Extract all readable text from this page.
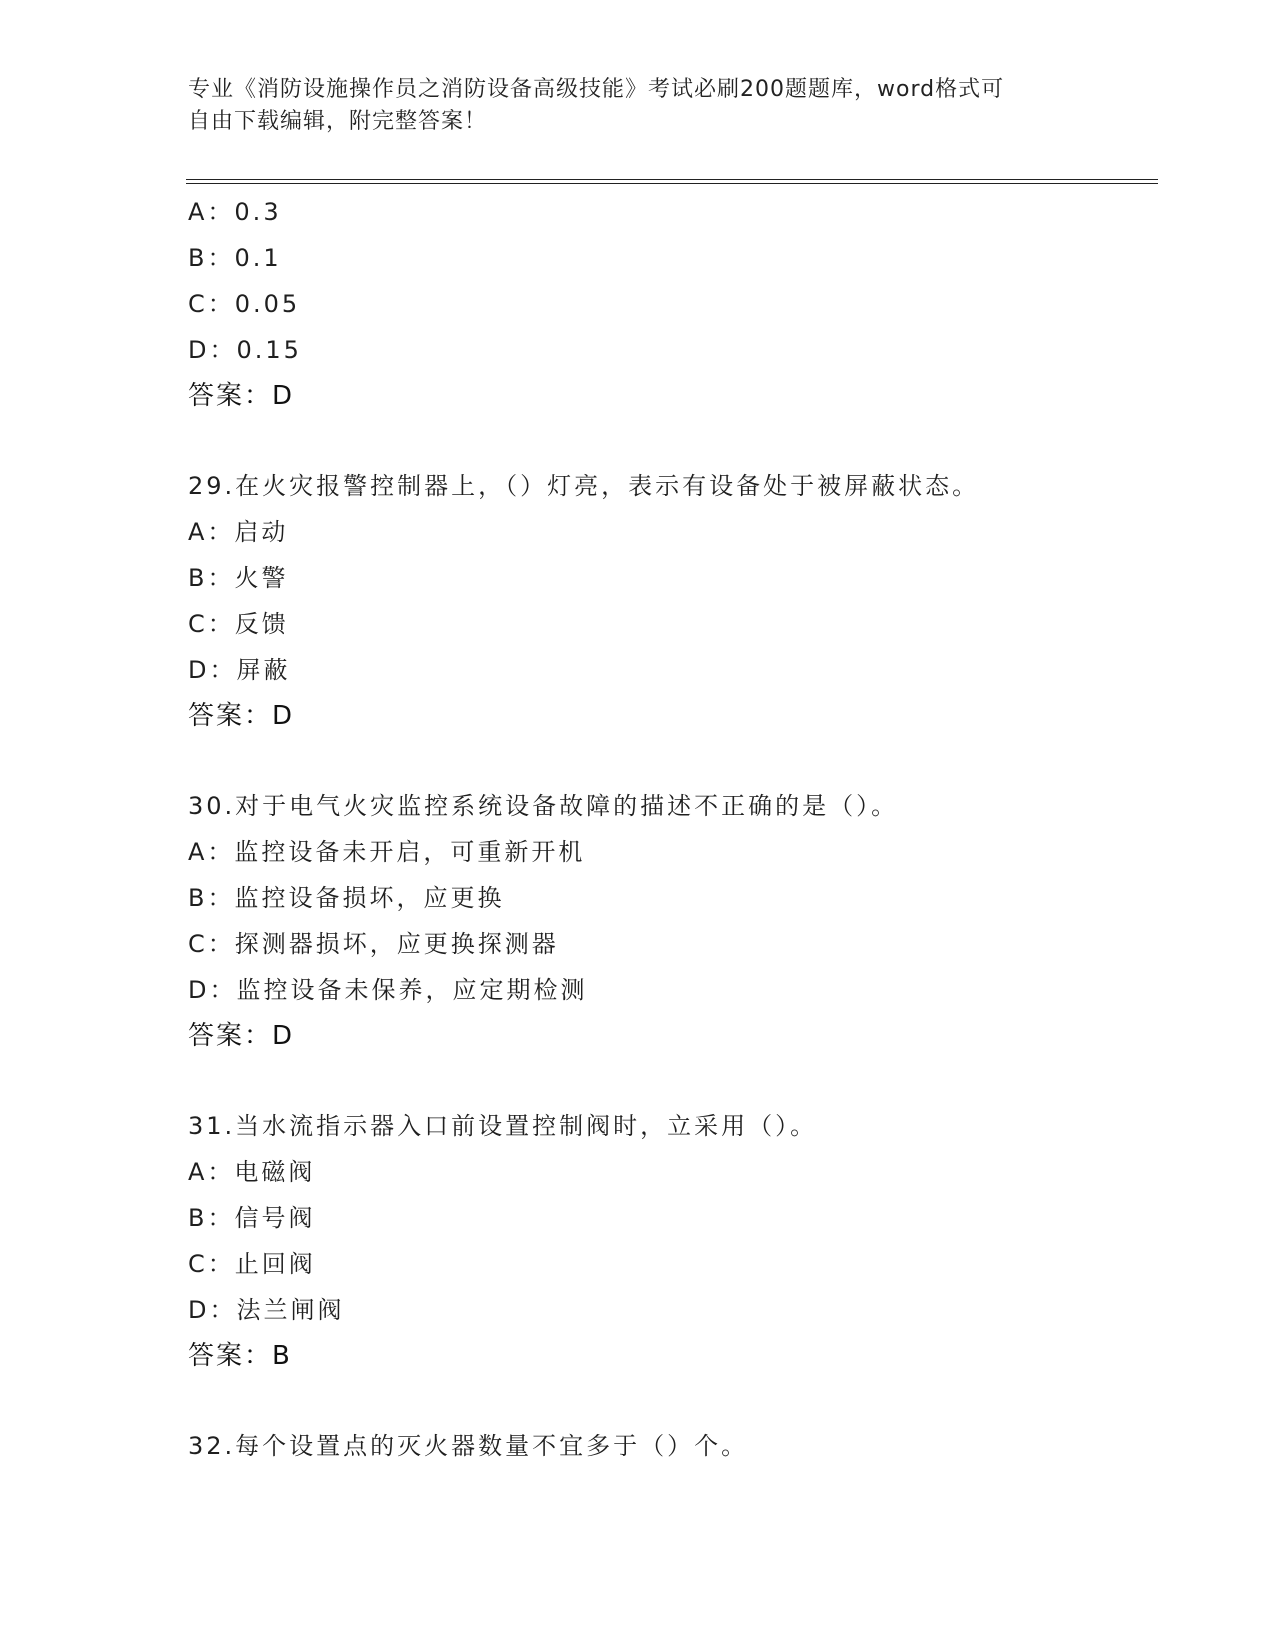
专业《消防设施操作员之消防设备高级技能》考试必刷200题题库，word格式可
自由下载编辑，附完整答案！
A：0.3
B：0.1
C：0.05
D：0.15
答案：D
29.在火灾报警控制器上，（）灯亮，表示有设备处于被屏蔽状态。
A：启动
B：火警
C：反馈
D：屏蔽
答案：D
30.对于电气火灾监控系统设备故障的描述不正确的是（）。
A：监控设备未开启，可重新开机
B：监控设备损坏，应更换
C：探测器损坏，应更换探测器
D：监控设备未保养，应定期检测
答案：D
31.当水流指示器入口前设置控制阀时，立采用（）。
A：电磁阀
B：信号阀
C：止回阀
D：法兰闸阀
答案：B
32.每个设置点的灭火器数量不宜多于（）个。
